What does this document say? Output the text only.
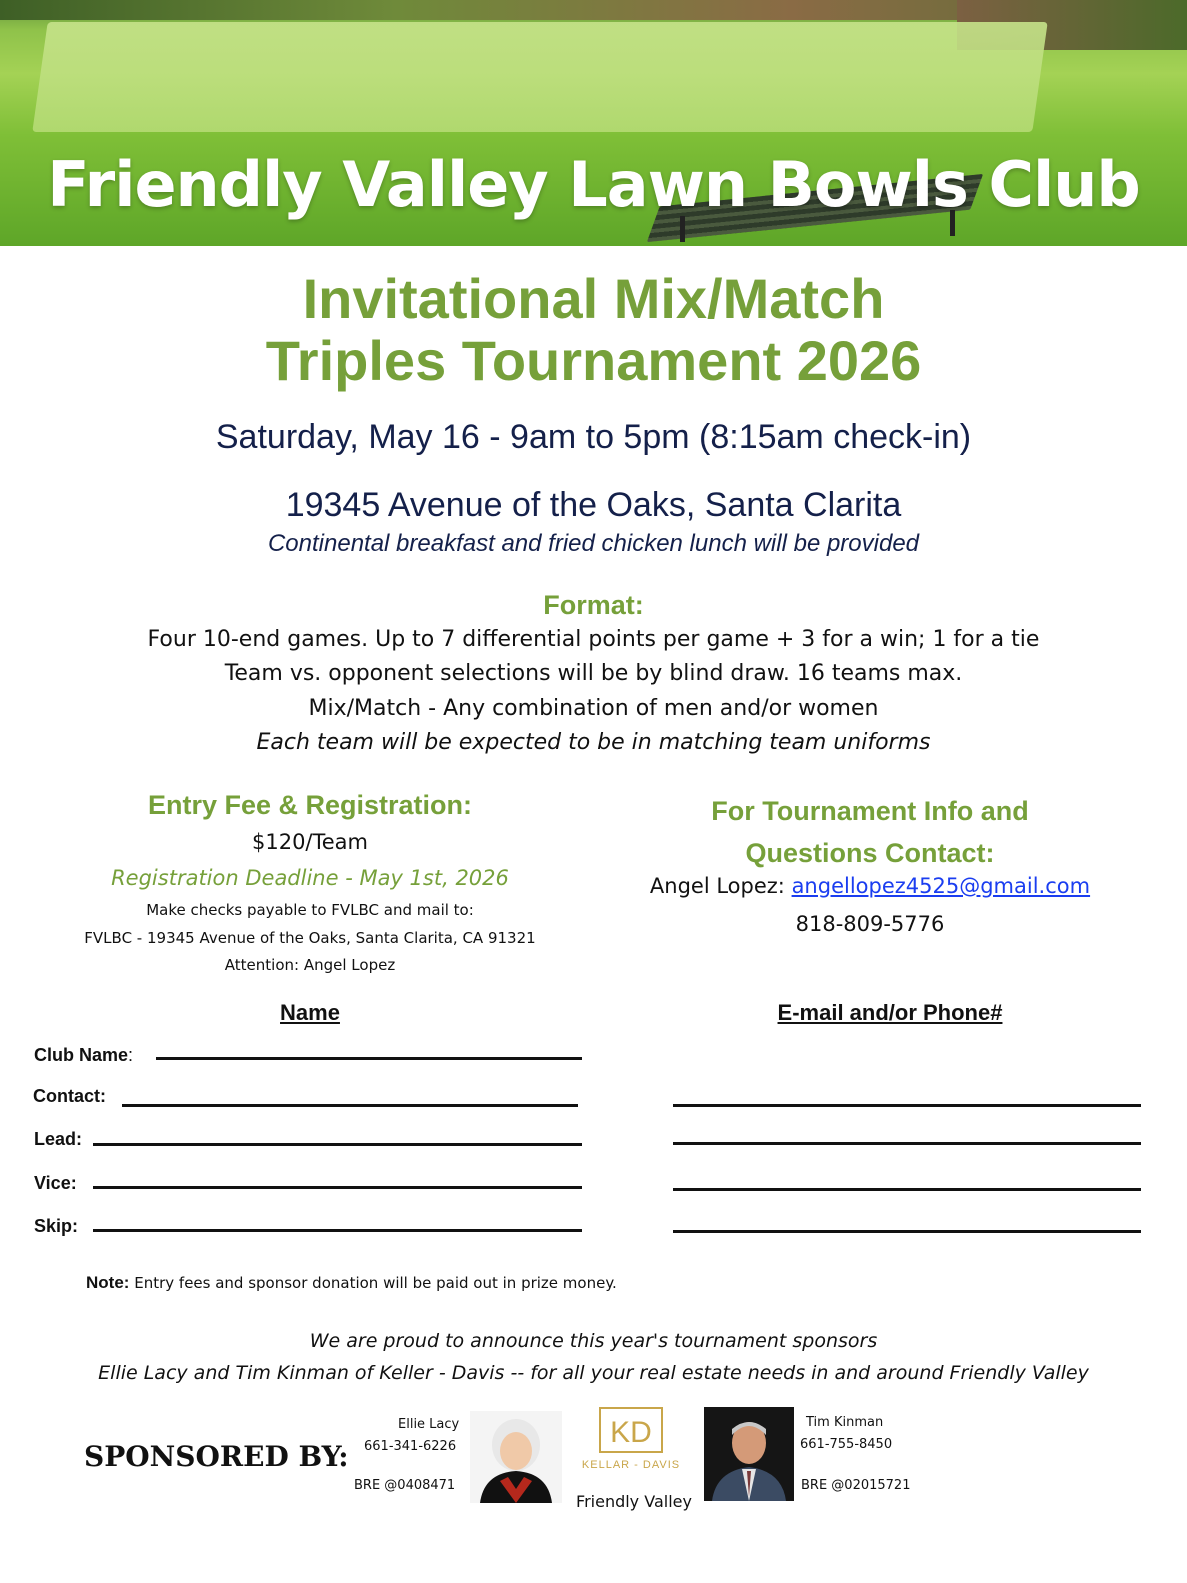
Friendly Valley Lawn Bowls Club
Invitational Mix/Match
Triples Tournament 2026
Saturday, May 16 - 9am to 5pm (8:15am check-in)
19345 Avenue of the Oaks, Santa Clarita
Continental breakfast and fried chicken lunch will be provided
Format:
Four 10-end games. Up to 7 differential points per game + 3 for a win; 1 for a tie
Team vs. opponent selections will be by blind draw. 16 teams max.
Mix/Match - Any combination of men and/or women
Each team will be expected to be in matching team uniforms
Entry Fee & Registration:
$120/Team
Registration Deadline - May 1st, 2026
Make checks payable to FVLBC and mail to:
FVLBC - 19345 Avenue of the Oaks, Santa Clarita, CA 91321
Attention: Angel Lopez
For Tournament Info and
Questions Contact:
Angel Lopez: angellopez4525@gmail.com
818-809-5776
Name	E-mail and/or Phone#
Club Name:
Contact:
Lead:
Vice:
Skip:
Note: Entry fees and sponsor donation will be paid out in prize money.
We are proud to announce this year's tournament sponsors
Ellie Lacy and Tim Kinman of Keller - Davis -- for all your real estate needs in and around Friendly Valley
SPONSORED BY:
Ellie Lacy
661-341-6226
BRE @0408471
KD
KELLAR - DAVIS
Friendly Valley
Tim Kinman
661-755-8450
BRE @02015721
